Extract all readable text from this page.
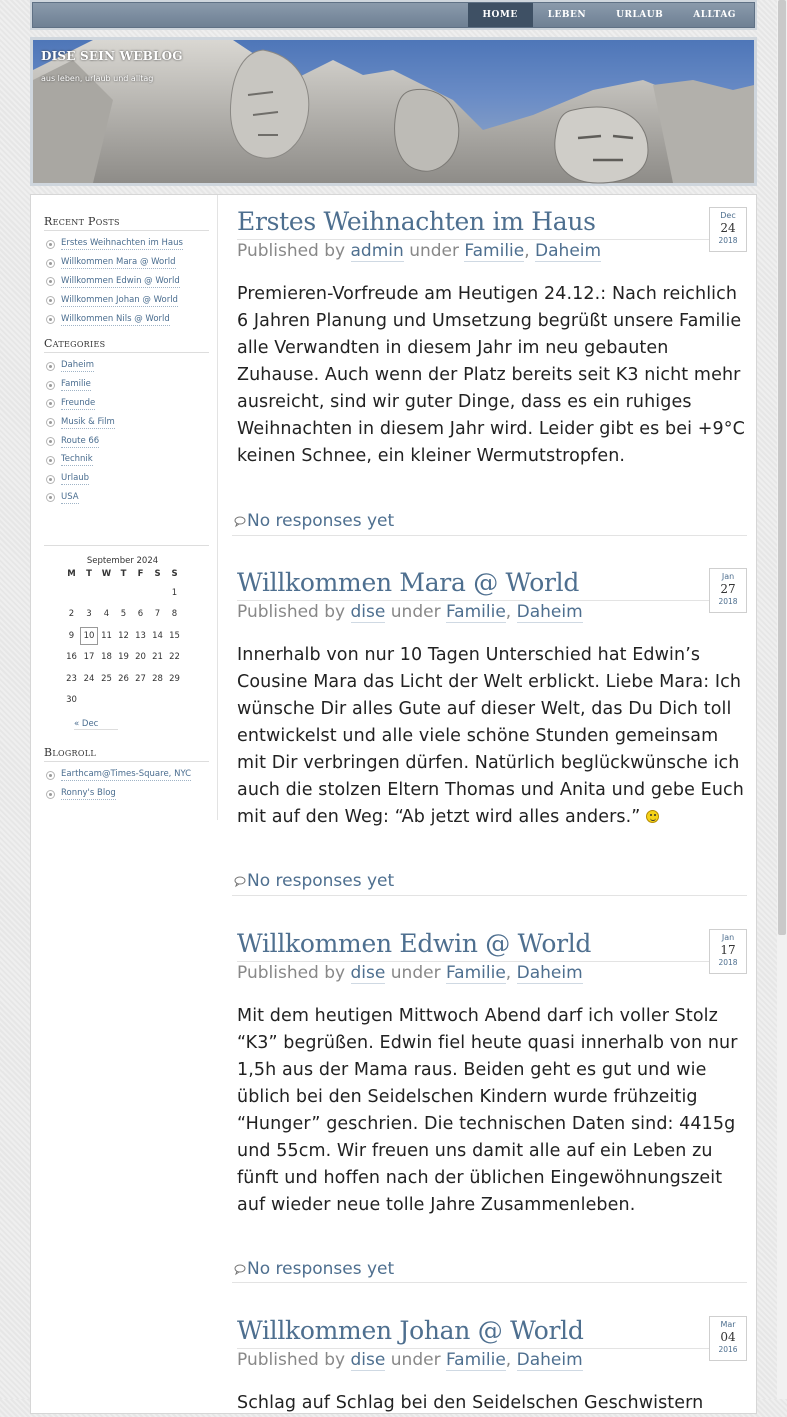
HOME	LEBEN	URLAUB	ALLTAG
DISE SEIN WEBLOG
aus leben, urlaub und alltag
Recent Posts
Erstes Weihnachten im Haus
Willkommen Mara @ World
Willkommen Edwin @ World
Willkommen Johan @ World
Willkommen Nils @ World
Categories
Daheim
Familie
Freunde
Musik & Film
Route 66
Technik
Urlaub
USA
September 2024
M	T	W	T	F	S	S
						1
2	3	4	5	6	7	8
9	10	11	12	13	14	15
16	17	18	19	20	21	22
23	24	25	26	27	28	29
30						
« Dec
Blogroll
Earthcam@Times-Square, NYC
Ronny's Blog
Erstes Weihnachten im Haus	Dec
24
2018
Published by admin under Familie, Daheim
Premieren-Vorfreude am Heutigen 24.12.: Nach reichlich 6 Jahren Planung und Umsetzung begrüßt unsere Familie alle Verwandten in diesem Jahr im neu gebauten Zuhause. Auch wenn der Platz bereits seit K3 nicht mehr ausreicht, sind wir guter Dinge, dass es ein ruhiges Weihnachten in diesem Jahr wird. Leider gibt es bei +9°C keinen Schnee, ein kleiner Wermutstropfen.
No responses yet
Willkommen Mara @ World	Jan
27
2018
Published by dise under Familie, Daheim
Innerhalb von nur 10 Tagen Unterschied hat Edwin’s Cousine Mara das Licht der Welt erblickt. Liebe Mara: Ich wünsche Dir alles Gute auf dieser Welt, das Du Dich toll entwickelst und alle viele schöne Stunden gemeinsam mit Dir verbringen dürfen. Natürlich beglückwünsche ich auch die stolzen Eltern Thomas und Anita und gebe Euch mit auf den Weg: “Ab jetzt wird alles anders.”
No responses yet
Willkommen Edwin @ World	Jan
17
2018
Published by dise under Familie, Daheim
Mit dem heutigen Mittwoch Abend darf ich voller Stolz “K3” begrüßen. Edwin fiel heute quasi innerhalb von nur 1,5h aus der Mama raus. Beiden geht es gut und wie üblich bei den Seidelschen Kindern wurde frühzeitig “Hunger” geschrien. Die technischen Daten sind: 4415g und 55cm. Wir freuen uns damit alle auf ein Leben zu fünft und hoffen nach der üblichen Eingewöhnungszeit auf wieder neue tolle Jahre Zusammenleben.
No responses yet
Willkommen Johan @ World	Mar
04
2016
Published by dise under Familie, Daheim
Schlag auf Schlag bei den Seidelschen Geschwistern
